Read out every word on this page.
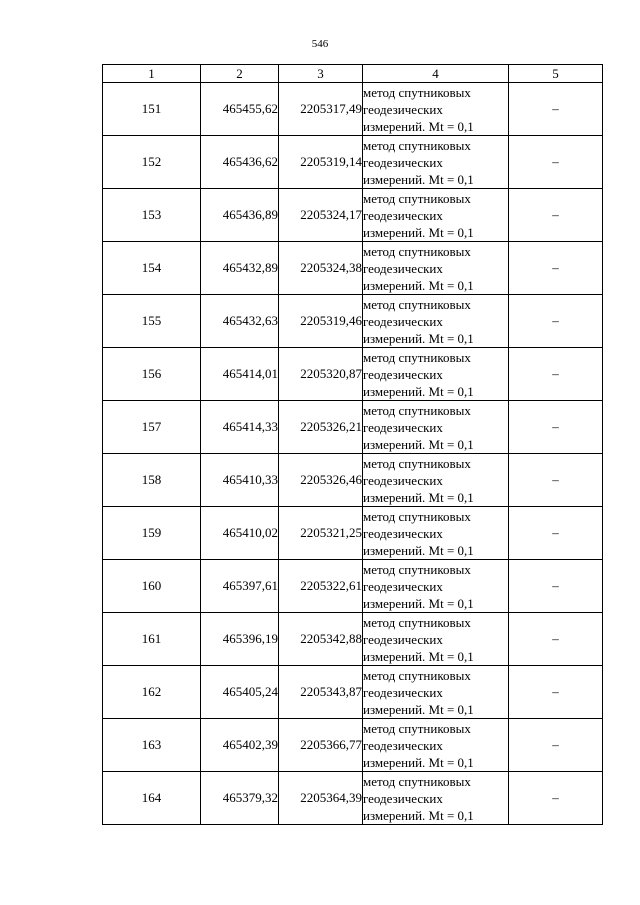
546
1	2	3	4	5
151	465455,62	2205317,49	метод спутниковых
геодезических
измерений. Mt = 0,1	–
152	465436,62	2205319,14	метод спутниковых
геодезических
измерений. Mt = 0,1	–
153	465436,89	2205324,17	метод спутниковых
геодезических
измерений. Mt = 0,1	–
154	465432,89	2205324,38	метод спутниковых
геодезических
измерений. Mt = 0,1	–
155	465432,63	2205319,46	метод спутниковых
геодезических
измерений. Mt = 0,1	–
156	465414,01	2205320,87	метод спутниковых
геодезических
измерений. Mt = 0,1	–
157	465414,33	2205326,21	метод спутниковых
геодезических
измерений. Mt = 0,1	–
158	465410,33	2205326,46	метод спутниковых
геодезических
измерений. Mt = 0,1	–
159	465410,02	2205321,25	метод спутниковых
геодезических
измерений. Mt = 0,1	–
160	465397,61	2205322,61	метод спутниковых
геодезических
измерений. Mt = 0,1	–
161	465396,19	2205342,88	метод спутниковых
геодезических
измерений. Mt = 0,1	–
162	465405,24	2205343,87	метод спутниковых
геодезических
измерений. Mt = 0,1	–
163	465402,39	2205366,77	метод спутниковых
геодезических
измерений. Mt = 0,1	–
164	465379,32	2205364,39	метод спутниковых
геодезических
измерений. Mt = 0,1	–
